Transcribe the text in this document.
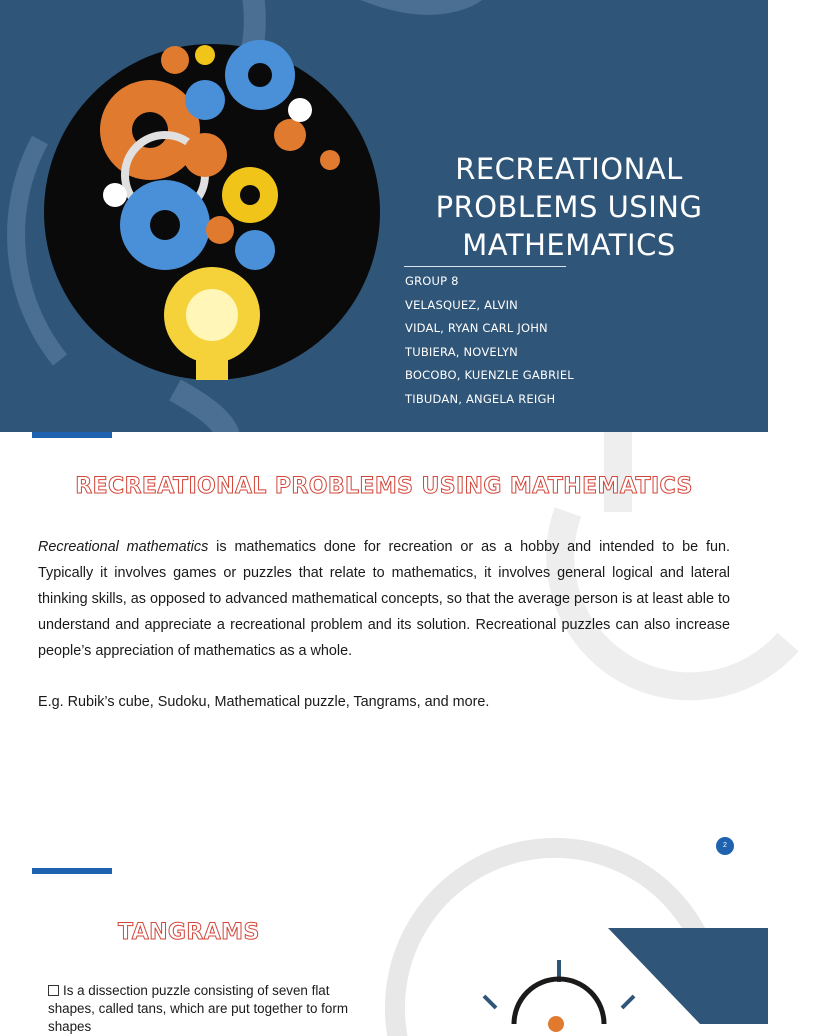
RECREATIONAL
PROBLEMS USING
MATHEMATICS
GROUP 8
VELASQUEZ, ALVIN
VIDAL, RYAN CARL JOHN
TUBIERA, NOVELYN
BOCOBO, KUENZLE GABRIEL
TIBUDAN, ANGELA REIGH
RECREATIONAL PROBLEMS USING MATHEMATICS

Recreational mathematics is mathematics done for recreation or as a hobby and intended to be fun. Typically it involves games or puzzles that relate to mathematics, it involves general logical and lateral thinking skills, as opposed to advanced mathematical concepts, so that the average person is at least able to understand and appreciate a recreational problem and its solution. Recreational puzzles can also increase people’s appreciation of mathematics as a whole.

E.g. Rubik’s cube, Sudoku, Mathematical puzzle, Tangrams, and more.

2
TANGRAMS
Is a dissection puzzle consisting of seven flat shapes, called tans, which are put together to form shapes
